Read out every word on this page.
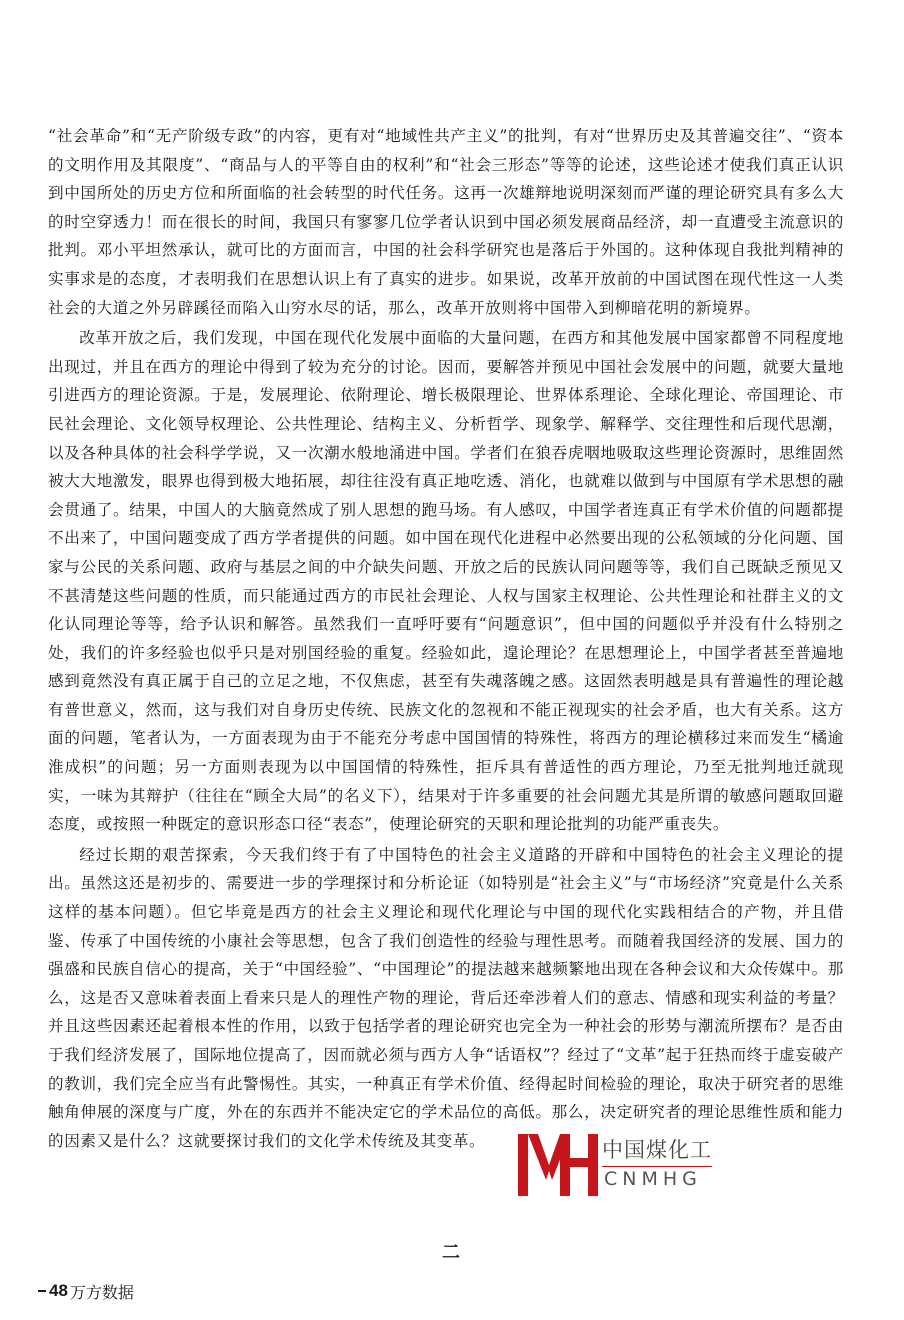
“社会革命”和“无产阶级专政”的内容，更有对“地域性共产主义”的批判，有对“世界历史及其普遍交往”、“资本的文明作用及其限度”、“商品与人的平等自由的权利”和“社会三形态”等等的论述，这些论述才使我们真正认识到中国所处的历史方位和所面临的社会转型的时代任务。这再一次雄辩地说明深刻而严谨的理论研究具有多么大的时空穿透力！而在很长的时间，我国只有寥寥几位学者认识到中国必须发展商品经济，却一直遭受主流意识的批判。邓小平坦然承认，就可比的方面而言，中国的社会科学研究也是落后于外国的。这种体现自我批判精神的实事求是的态度，才表明我们在思想认识上有了真实的进步。如果说，改革开放前的中国试图在现代性这一人类社会的大道之外另辟蹊径而陷入山穷水尽的话，那么，改革开放则将中国带入到柳暗花明的新境界。

改革开放之后，我们发现，中国在现代化发展中面临的大量问题，在西方和其他发展中国家都曾不同程度地出现过，并且在西方的理论中得到了较为充分的讨论。因而，要解答并预见中国社会发展中的问题，就要大量地引进西方的理论资源。于是，发展理论、依附理论、增长极限理论、世界体系理论、全球化理论、帝国理论、市民社会理论、文化领导权理论、公共性理论、结构主义、分析哲学、现象学、解释学、交往理性和后现代思潮，以及各种具体的社会科学学说，又一次潮水般地涌进中国。学者们在狼吞虎咽地吸取这些理论资源时，思维固然被大大地激发，眼界也得到极大地拓展，却往往没有真正地吃透、消化，也就难以做到与中国原有学术思想的融会贯通了。结果，中国人的大脑竟然成了别人思想的跑马场。有人感叹，中国学者连真正有学术价值的问题都提不出来了，中国问题变成了西方学者提供的问题。如中国在现代化进程中必然要出现的公私领域的分化问题、国家与公民的关系问题、政府与基层之间的中介缺失问题、开放之后的民族认同问题等等，我们自己既缺乏预见又不甚清楚这些问题的性质，而只能通过西方的市民社会理论、人权与国家主权理论、公共性理论和社群主义的文化认同理论等等，给予认识和解答。虽然我们一直呼吁要有“问题意识”，但中国的问题似乎并没有什么特别之处，我们的许多经验也似乎只是对别国经验的重复。经验如此，遑论理论？在思想理论上，中国学者甚至普遍地感到竟然没有真正属于自己的立足之地，不仅焦虑，甚至有失魂落魄之感。这固然表明越是具有普遍性的理论越有普世意义，然而，这与我们对自身历史传统、民族文化的忽视和不能正视现实的社会矛盾，也大有关系。这方面的问题，笔者认为，一方面表现为由于不能充分考虑中国国情的特殊性，将西方的理论横移过来而发生“橘逾淮成枳”的问题；另一方面则表现为以中国国情的特殊性，拒斥具有普适性的西方理论，乃至无批判地迁就现实，一味为其辩护（往往在“顾全大局”的名义下），结果对于许多重要的社会问题尤其是所谓的敏感问题取回避态度，或按照一种既定的意识形态口径“表态”，使理论研究的天职和理论批判的功能严重丧失。

经过长期的艰苦探索，今天我们终于有了中国特色的社会主义道路的开辟和中国特色的社会主义理论的提出。虽然这还是初步的、需要进一步的学理探讨和分析论证（如特别是“社会主义”与“市场经济”究竟是什么关系这样的基本问题）。但它毕竟是西方的社会主义理论和现代化理论与中国的现代化实践相结合的产物，并且借鉴、传承了中国传统的小康社会等思想，包含了我们创造性的经验与理性思考。而随着我国经济的发展、国力的强盛和民族自信心的提高，关于“中国经验”、“中国理论”的提法越来越频繁地出现在各种会议和大众传媒中。那么，这是否又意味着表面上看来只是人的理性产物的理论，背后还牵涉着人们的意志、情感和现实利益的考量？并且这些因素还起着根本性的作用，以致于包括学者的理论研究也完全为一种社会的形势与潮流所摆布？是否由于我们经济发展了，国际地位提高了，因而就必须与西方人争“话语权”？经过了“文革”起于狂热而终于虚妄破产的教训，我们完全应当有此警惕性。其实，一种真正有学术价值、经得起时间检验的理论，取决于研究者的思维触角伸展的深度与广度，外在的东西并不能决定它的学术品位的高低。那么，决定研究者的理论思维性质和能力的因素又是什么？这就要探讨我们的文化学术传统及其变革。

二
48 万方数据
中国煤化工
CNMHG
